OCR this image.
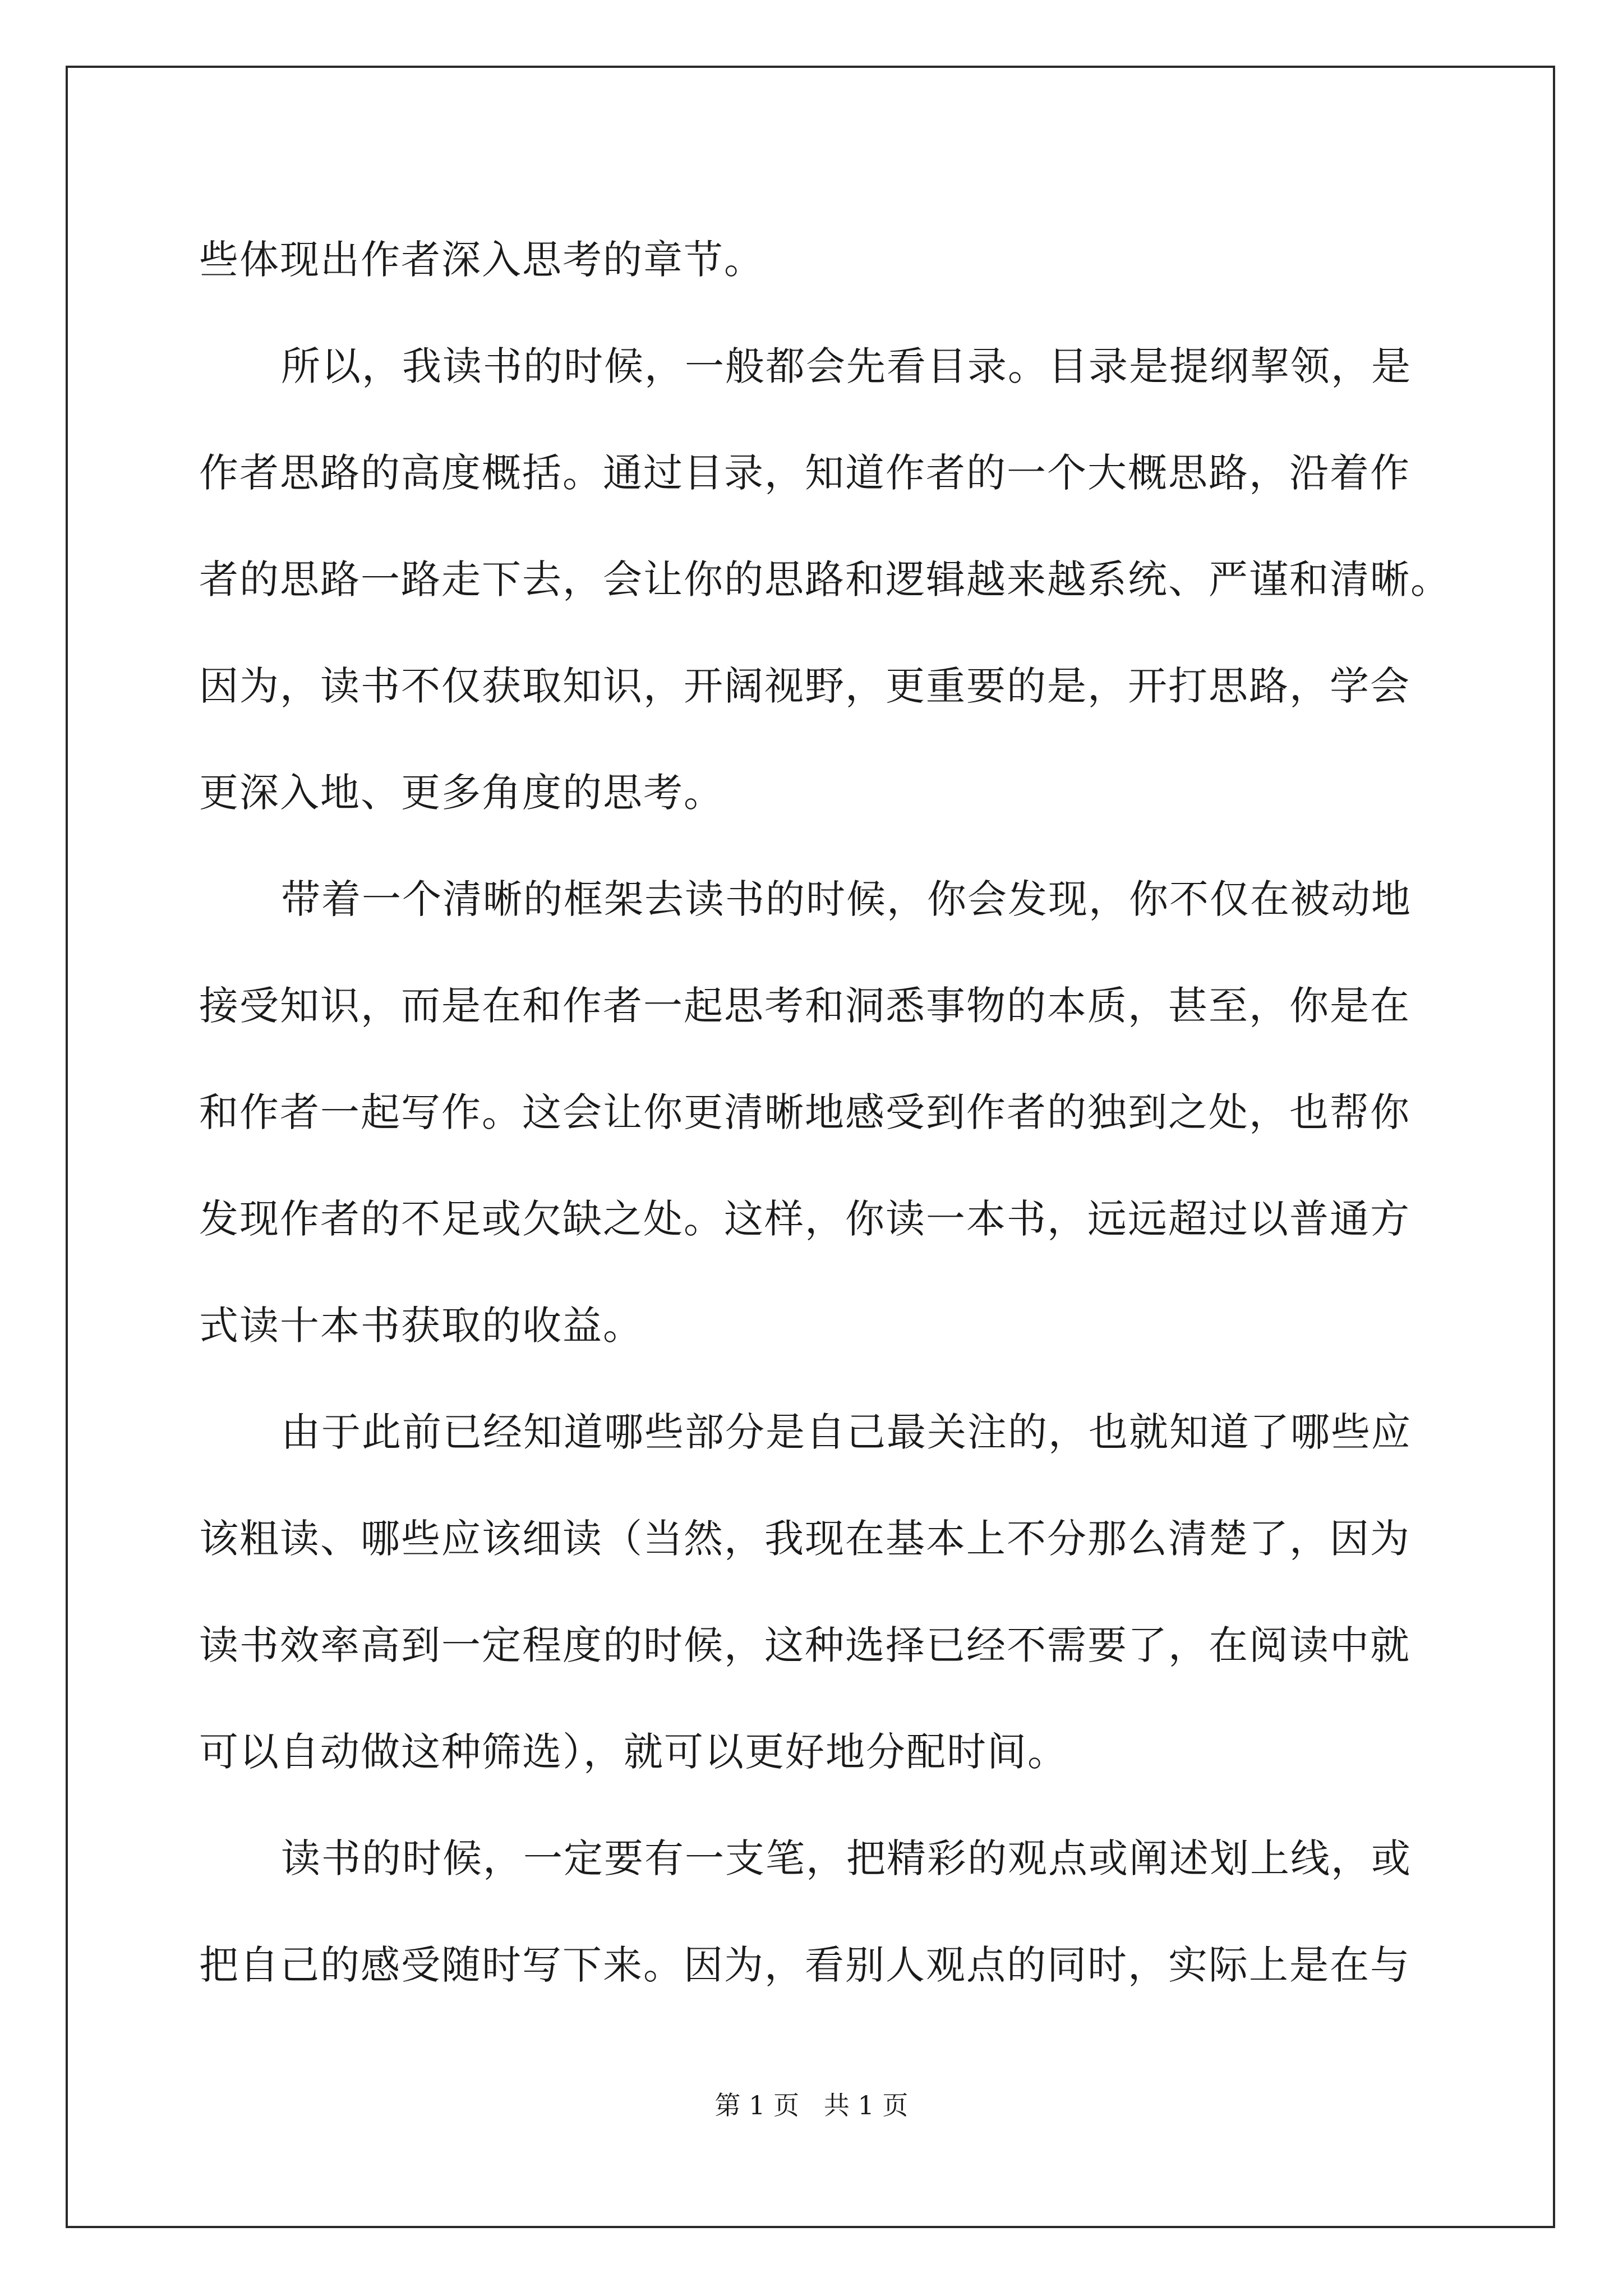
些体现出作者深入思考的章节。
所以，我读书的时候，一般都会先看目录。目录是提纲挈领，是
作者思路的高度概括。通过目录，知道作者的一个大概思路，沿着作
者的思路一路走下去，会让你的思路和逻辑越来越系统、严谨和清晰。
因为，读书不仅获取知识，开阔视野，更重要的是，开打思路，学会
更深入地、更多角度的思考。
带着一个清晰的框架去读书的时候，你会发现，你不仅在被动地
接受知识，而是在和作者一起思考和洞悉事物的本质，甚至，你是在
和作者一起写作。这会让你更清晰地感受到作者的独到之处，也帮你
发现作者的不足或欠缺之处。这样，你读一本书，远远超过以普通方
式读十本书获取的收益。
由于此前已经知道哪些部分是自己最关注的，也就知道了哪些应
该粗读、哪些应该细读（当然，我现在基本上不分那么清楚了，因为
读书效率高到一定程度的时候，这种选择已经不需要了，在阅读中就
可以自动做这种筛选），就可以更好地分配时间。
读书的时候，一定要有一支笔，把精彩的观点或阐述划上线，或
把自己的感受随时写下来。因为，看别人观点的同时，实际上是在与
第 1 页   共 1 页
